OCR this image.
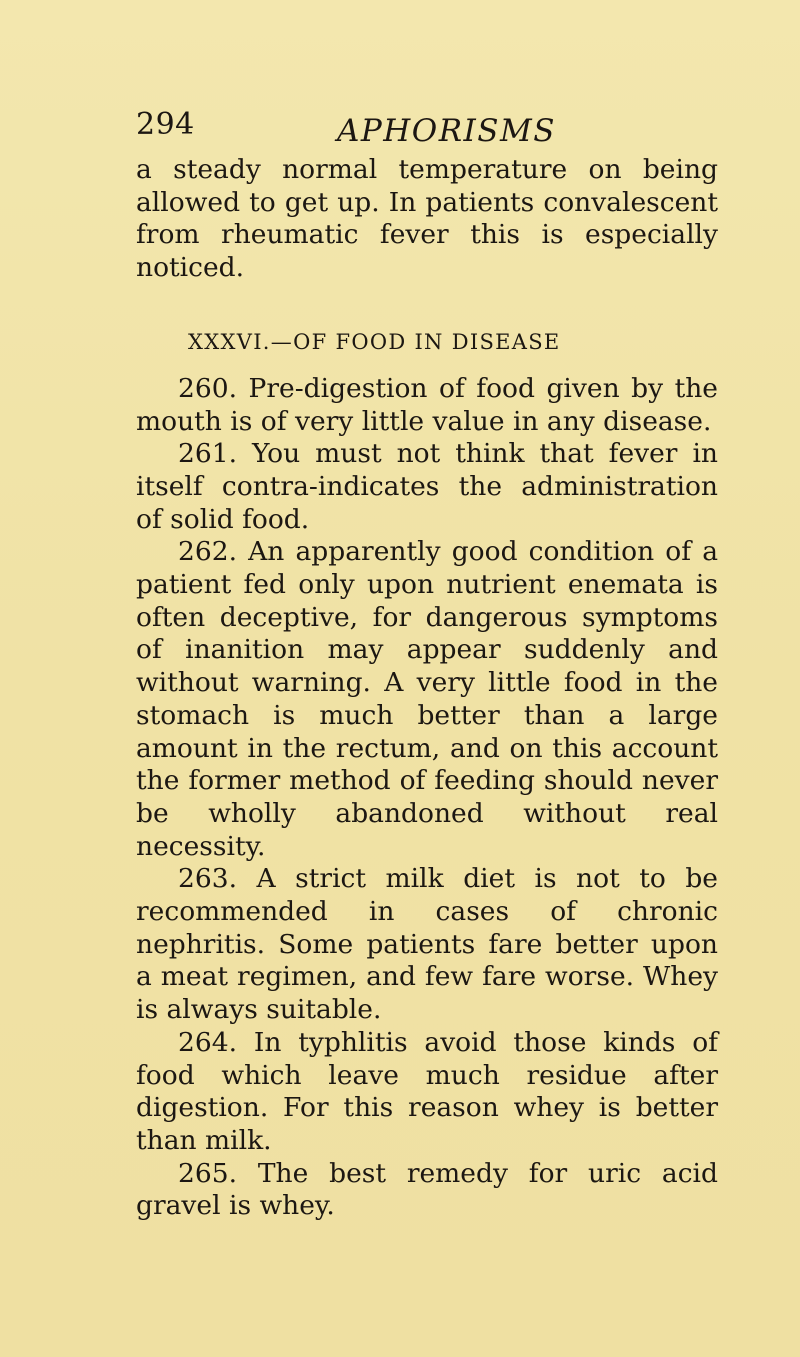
294	APHORISMS

a steady normal temperature on being allowed to get up. In patients convalescent from rheumatic fever this is especially noticed.

XXXVI.—OF FOOD IN DISEASE

260. Pre-digestion of food given by the mouth is of very little value in any disease.

261. You must not think that fever in itself contra-indicates the administration of solid food.

262. An apparently good condition of a patient fed only upon nutrient enemata is often deceptive, for dangerous symptoms of inanition may appear suddenly and without warning. A very little food in the stomach is much better than a large amount in the rectum, and on this account the former method of feeding should never be wholly abandoned without real necessity.

263. A strict milk diet is not to be recommended in cases of chronic nephritis. Some patients fare better upon a meat regimen, and few fare worse. Whey is always suitable.

264. In typhlitis avoid those kinds of food which leave much residue after digestion. For this reason whey is better than milk.

265. The best remedy for uric acid gravel is whey.
